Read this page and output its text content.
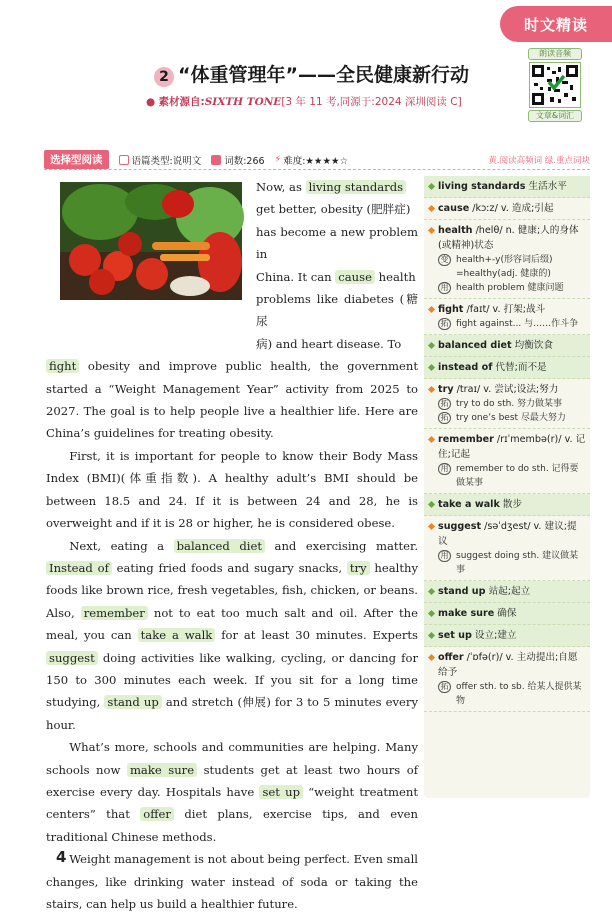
时文精读
朗读音频
文章&词汇
2 “体重管理年”——全民健康新行动
● 素材源自:SIXTH TONE[3 年 11 考,同源于:2024 深圳阅读 C]
选择型阅读	语篇类型:说明文 词数:266 ⚡ 难度:★★★★☆	黄.阅读高频词 绿.重点词块

Now, as living standards
get better, obesity (肥胖症)
has become a new problem in
China. It can cause health
problems like diabetes (糖尿
病) and heart disease. To

fight obesity and improve public health, the government started a “Weight Management Year” activity from 2025 to 2027. The goal is to help people live a healthier life. Here are China’s guidelines for treating obesity.

First, it is important for people to know their Body Mass Index (BMI)(体重指数). A healthy adult’s BMI should be between 18.5 and 24. If it is between 24 and 28, he is overweight and if it is 28 or higher, he is considered obese.

Next, eating a balanced diet and exercising matter. Instead of eating fried foods and sugary snacks, try healthy foods like brown rice, fresh vegetables, fish, chicken, or beans. Also, remember not to eat too much salt and oil. After the meal, you can take a walk for at least 30 minutes. Experts suggest doing activities like walking, cycling, or dancing for 150 to 300 minutes each week. If you sit for a long time studying, stand up and stretch (伸展) for 3 to 5 minutes every hour.

What’s more, schools and communities are helping. Many schools now make sure students get at least two hours of exercise every day. Hospitals have set up “weight treatment centers” that offer diet plans, exercise tips, and even traditional Chinese methods.

Weight management is not about being perfect. Even small changes, like drinking water instead of soda or taking the stairs, can help us build a healthier future.

living standards 生活水平
cause /kɔːz/ v. 造成;引起
health /helθ/ n. 健康;人的身体(或精神)状态
变 health+-y(形容词后缀) =healthy(adj. 健康的)
用 health problem 健康问题
fight /faɪt/ v. 打架;战斗
拓 fight against... 与……作斗争
balanced diet 均衡饮食
instead of 代替;而不是
try /traɪ/ v. 尝试;设法;努力
拓 try to do sth. 努力做某事
拓 try one’s best 尽最大努力
remember /rɪˈmembə(r)/ v. 记住;记起
用 remember to do sth. 记得要做某事
take a walk 散步
suggest /səˈdʒest/ v. 建议;提议
用 suggest doing sth. 建议做某事
stand up 站起;起立
make sure 确保
set up 设立;建立
offer /ˈɒfə(r)/ v. 主动提出;自愿给予
拓 offer sth. to sb. 给某人提供某物
4
